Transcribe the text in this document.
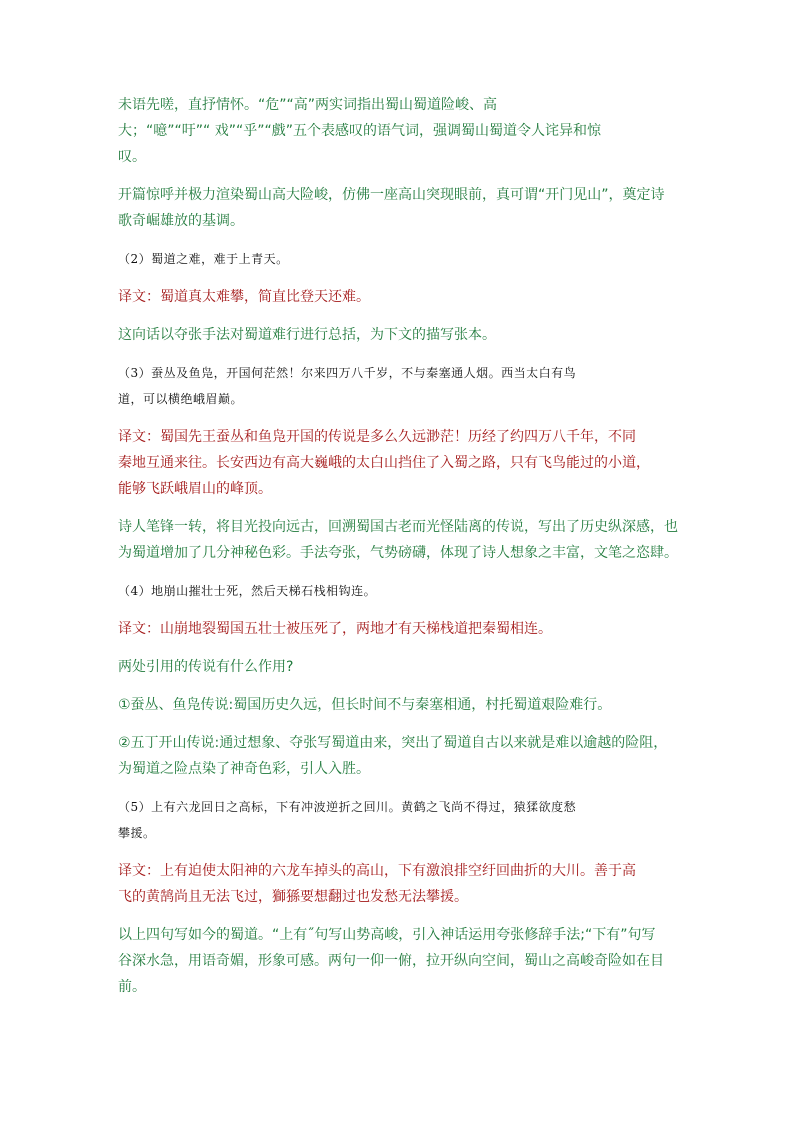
未语先嗟，直抒情怀。“危”“高”两实词指出蜀山蜀道险峻、高
大；“噫”“吁”“ 戏”“乎”“戲”五个表感叹的语气词，强调蜀山蜀道令人诧异和惊
叹。
开篇惊呼并极力渲染蜀山高大险峻，仿佛一座高山突现眼前，真可谓“开门见山”，奠定诗
歌奇崛雄放的基调。
（2）蜀道之难，难于上青天。
译文：蜀道真太难攀，简直比登天还难。
这向话以夺张手法对蜀道难行进行总括，为下文的描写张本。
（3）蚕丛及鱼凫，开国何茫然！尔来四万八千岁，不与秦塞通人烟。西当太白有鸟
道，可以横绝峨眉巅。
译文：蜀国先王蚕丛和鱼凫开国的传说是多么久远渺茫！历经了约四万八千年，不同
秦地互通来往。长安西边有高大巍峨的太白山挡住了入蜀之路，只有飞鸟能过的小道，
能够飞跃峨眉山的峰顶。
诗人笔锋一转，将目光投向远古，回溯蜀国古老而光怪陆离的传说，写出了历史纵深感，也
为蜀道增加了几分神秘色彩。手法夸张，气势磅礴，体现了诗人想象之丰富，文笔之恣肆。
（4）地崩山摧壮士死，然后天梯石栈相钩连。
译文：山崩地裂蜀国五壮士被压死了，两地才有天梯栈道把秦蜀相连。
两处引用的传说有什么作用?
①蚕丛、鱼凫传说:蜀国历史久远，但长时间不与秦塞相通，村托蜀道艰险难行。
②五丁开山传说:通过想象、夺张写蜀道由来，突出了蜀道自古以来就是难以逾越的险阻，
为蜀道之险点染了神奇色彩，引人入胜。
（5）上有六龙回日之高标，下有冲波逆折之回川。黄鹤之飞尚不得过，猿猱欲度愁
攀援。
译文：上有迫使太阳神的六龙车掉头的高山，下有激浪排空纡回曲折的大川。善于高
飞的黄鹄尚且无法飞过，獅猻要想翻过也发愁无法攀援。
以上四句写如今的蜀道。“上有˝句写山势高峻，引入神话运用夸张修辞手法;“下有”句写
谷深水急，用语奇媚，形象可感。两句一仰一俯，拉开纵向空间，蜀山之高峻奇险如在目前。
